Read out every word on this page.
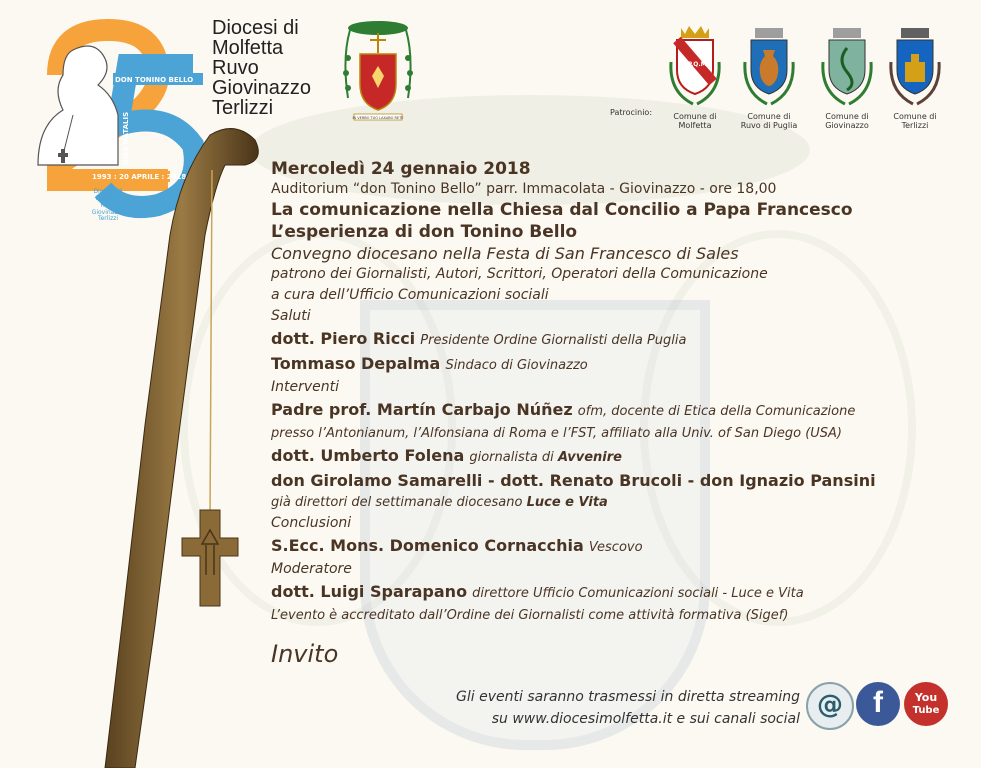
DON TONINO BELLO
DIES NATALIS
1993 : 20 APRILE : 2018
Diocesi di
Molfetta
Ruvo
Giovinazzo
Terlizzi
Diocesi di
Molfetta
Ruvo
Giovinazzo
Terlizzi	IN VERBO TUO LAXABO RETE
Patrocinio:
S.P.Q.M.
Comune di
Molfetta
Comune di
Ruvo di Puglia
Comune di
Giovinazzo
Comune di
Terlizzi
Mercoledì 24 gennaio 2018
Auditorium “don Tonino Bello” parr. Immacolata - Giovinazzo - ore 18,00
La comunicazione nella Chiesa dal Concilio a Papa Francesco
L’esperienza di don Tonino Bello
Convegno diocesano nella Festa di San Francesco di Sales
patrono dei Giornalisti, Autori, Scrittori, Operatori della Comunicazione
a cura dell’Ufficio Comunicazioni sociali
Saluti
dott. Piero Ricci Presidente Ordine Giornalisti della Puglia
Tommaso Depalma Sindaco di Giovinazzo
Interventi
Padre prof. Martín Carbajo Núñez ofm, docente di Etica della Comunicazione
presso l’Antonianum, l’Alfonsiana di Roma e l’FST, affiliato alla Univ. of San Diego (USA)
dott. Umberto Folena giornalista di Avvenire
don Girolamo Samarelli - dott. Renato Brucoli - don Ignazio Pansini
già direttori del settimanale diocesano Luce e Vita
Conclusioni
S.Ecc. Mons. Domenico Cornacchia Vescovo
Moderatore
dott. Luigi Sparapano direttore Ufficio Comunicazioni sociali - Luce e Vita
L’evento è accreditato dall’Ordine dei Giornalisti come attività formativa (Sigef)
Invito
Gli eventi saranno trasmessi in diretta streaming
su www.diocesimolfetta.it e sui canali social @	f	You
Tube
